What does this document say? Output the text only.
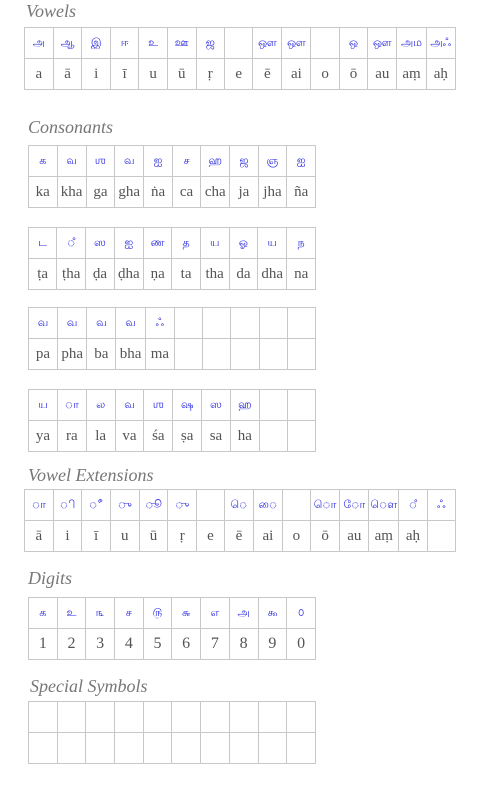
Vowels
அ	ஆ	இ	ஈ	உ	ஊ	ஜ		ஔ	ஔ		ஒ	ஔ	அம	அஃ
a	ā	i	ī	u	ū	ṛ	e	ē	ai	o	ō	au	aṃ	aḥ
Consonants
க	வ	ஶ	வ	ஐ	ச	ஹ	ஜ	ஞ	ஐ
ka	kha	ga	gha	ṅa	ca	cha	ja	jha	ña
ட	ஂ	ஸ	ஐ	ண	த	ய	ஓ	ய	ந
ṭa	ṭha	ḍa	ḍha	ṇa	ta	tha	da	dha	na
வ	வ	வ	வ	ஃ					
pa	pha	ba	bha	ma					
ய	ா	ல	வ	ஶ	ஷ	ஸ	ஹ		
ya	ra	la	va	śa	ṣa	sa	ha		
Vowel Extensions
ா	ி	ீ	ு	ூ	ு		ெ	ை		ொ	ோ	ௌ	ஂ	ஃ
ā	i	ī	u	ū	ṛ	e	ē	ai	o	ō	au	aṃ	aḥ	
Digits
க	உ	௩	ச	௫	௬	எ	அ	௯	௦
1	2	3	4	5	6	7	8	9	0
Special Symbols
